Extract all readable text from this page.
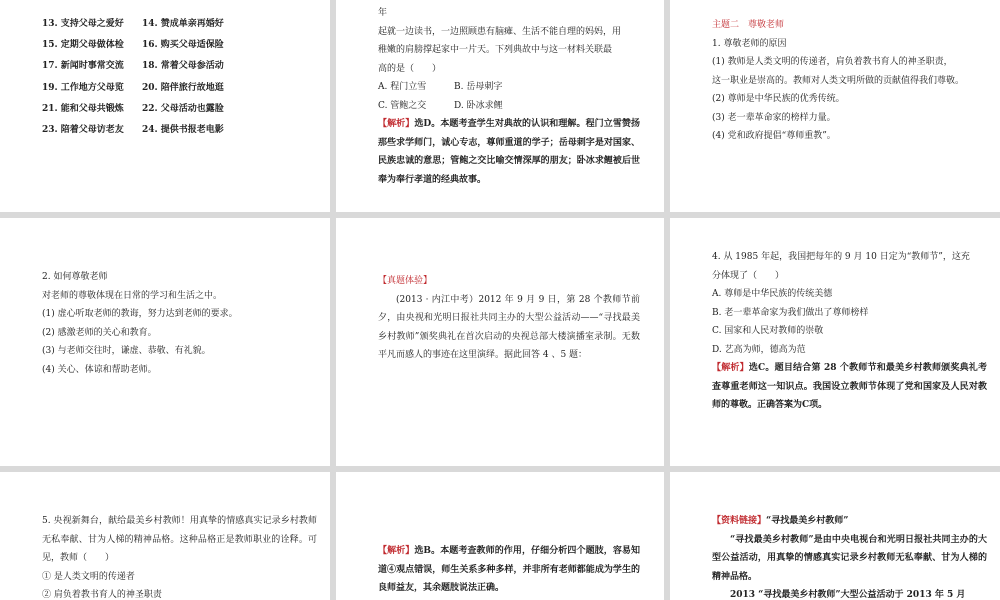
13. 支持父母之爱好
15. 定期父母做体检
17. 新闻时事常交流
19. 工作地方父母览
21. 能和父母共锻炼
23. 陪着父母访老友
14. 赞成单亲再婚好
16. 购买父母适保险
18. 常着父母参活动
20. 陪伴旅行故地逛
22. 父母活动也露脸
24. 提供书报老电影
年
起就一边读书，一边照顾患有脑瘫、生活不能自理的妈妈，用
稚嫩的肩膀撑起家中一片天。下列典故中与这一材料关联最
高的是（　　）
A. 程门立雪	B. 岳母刺字
C. 管鲍之交	D. 卧冰求鲤
【解析】选D。本题考查学生对典故的认识和理解。程门立雪赞扬那些求学师门，诚心专志，尊师重道的学子；岳母刺字是对国家、民族忠诚的意思；管鲍之交比喻交情深厚的朋友；卧冰求鲤被后世奉为奉行孝道的经典故事。
主题二　尊敬老师
1. 尊敬老师的原因
(1) 教师是人类文明的传递者，肩负着教书育人的神圣职责，
这一职业是崇高的。教师对人类文明所做的贡献值得我们尊敬。
(2) 尊师是中华民族的优秀传统。
(3) 老一辈革命家的榜样力量。
(4) 党和政府提倡“尊师重教”。
2. 如何尊敬老师
对老师的尊敬体现在日常的学习和生活之中。
(1) 虚心听取老师的教诲，努力达到老师的要求。
(2) 感激老师的关心和教育。
(3) 与老师交往时，谦虚、恭敬、有礼貌。
(4) 关心、体谅和帮助老师。
【真题体验】
(2013 · 内江中考）2012 年 9 月 9 日，第 28 个教师节前夕，由央视和光明日报社共同主办的大型公益活动——“寻找最美乡村教师”颁奖典礼在首次启动的央视总部大楼演播室录制。无数平凡而感人的事迹在这里演绎。据此回答 4 、5 题：
4. 从 1985 年起，我国把每年的 9 月 10 日定为“教师节”，这充
分体现了（　　）
A. 尊师是中华民族的传统美德
B. 老一辈革命家为我们做出了尊师榜样
C. 国家和人民对教师的崇敬
D. 艺高为师，德高为范
【解析】选C。题目结合第 28 个教师节和最美乡村教师颁奖典礼考查尊重老师这一知识点。我国设立教师节体现了党和国家及人民对教师的尊敬。正确答案为C项。
5. 央视新舞台，献给最美乡村教师！用真挚的情感真实记录乡村教师无私奉献、甘为人梯的精神品格。这种品格正是教师职业的诠释。可见，教师（　　）
① 是人类文明的传递者
② 肩负着教书育人的神圣职责
【解析】选B。本题考查教师的作用，仔细分析四个题肢，容易知道④观点错误，师生关系多种多样，并非所有老师都能成为学生的良师益友，其余题肢说法正确。
【资料链接】“寻找最美乡村教师”
“寻找最美乡村教师”是由中央电视台和光明日报社共同主办的大型公益活动，用真挚的情感真实记录乡村教师无私奉献、甘为人梯的精神品格。
2013 “寻找最美乡村教师”大型公益活动于 2013 年 5 月
